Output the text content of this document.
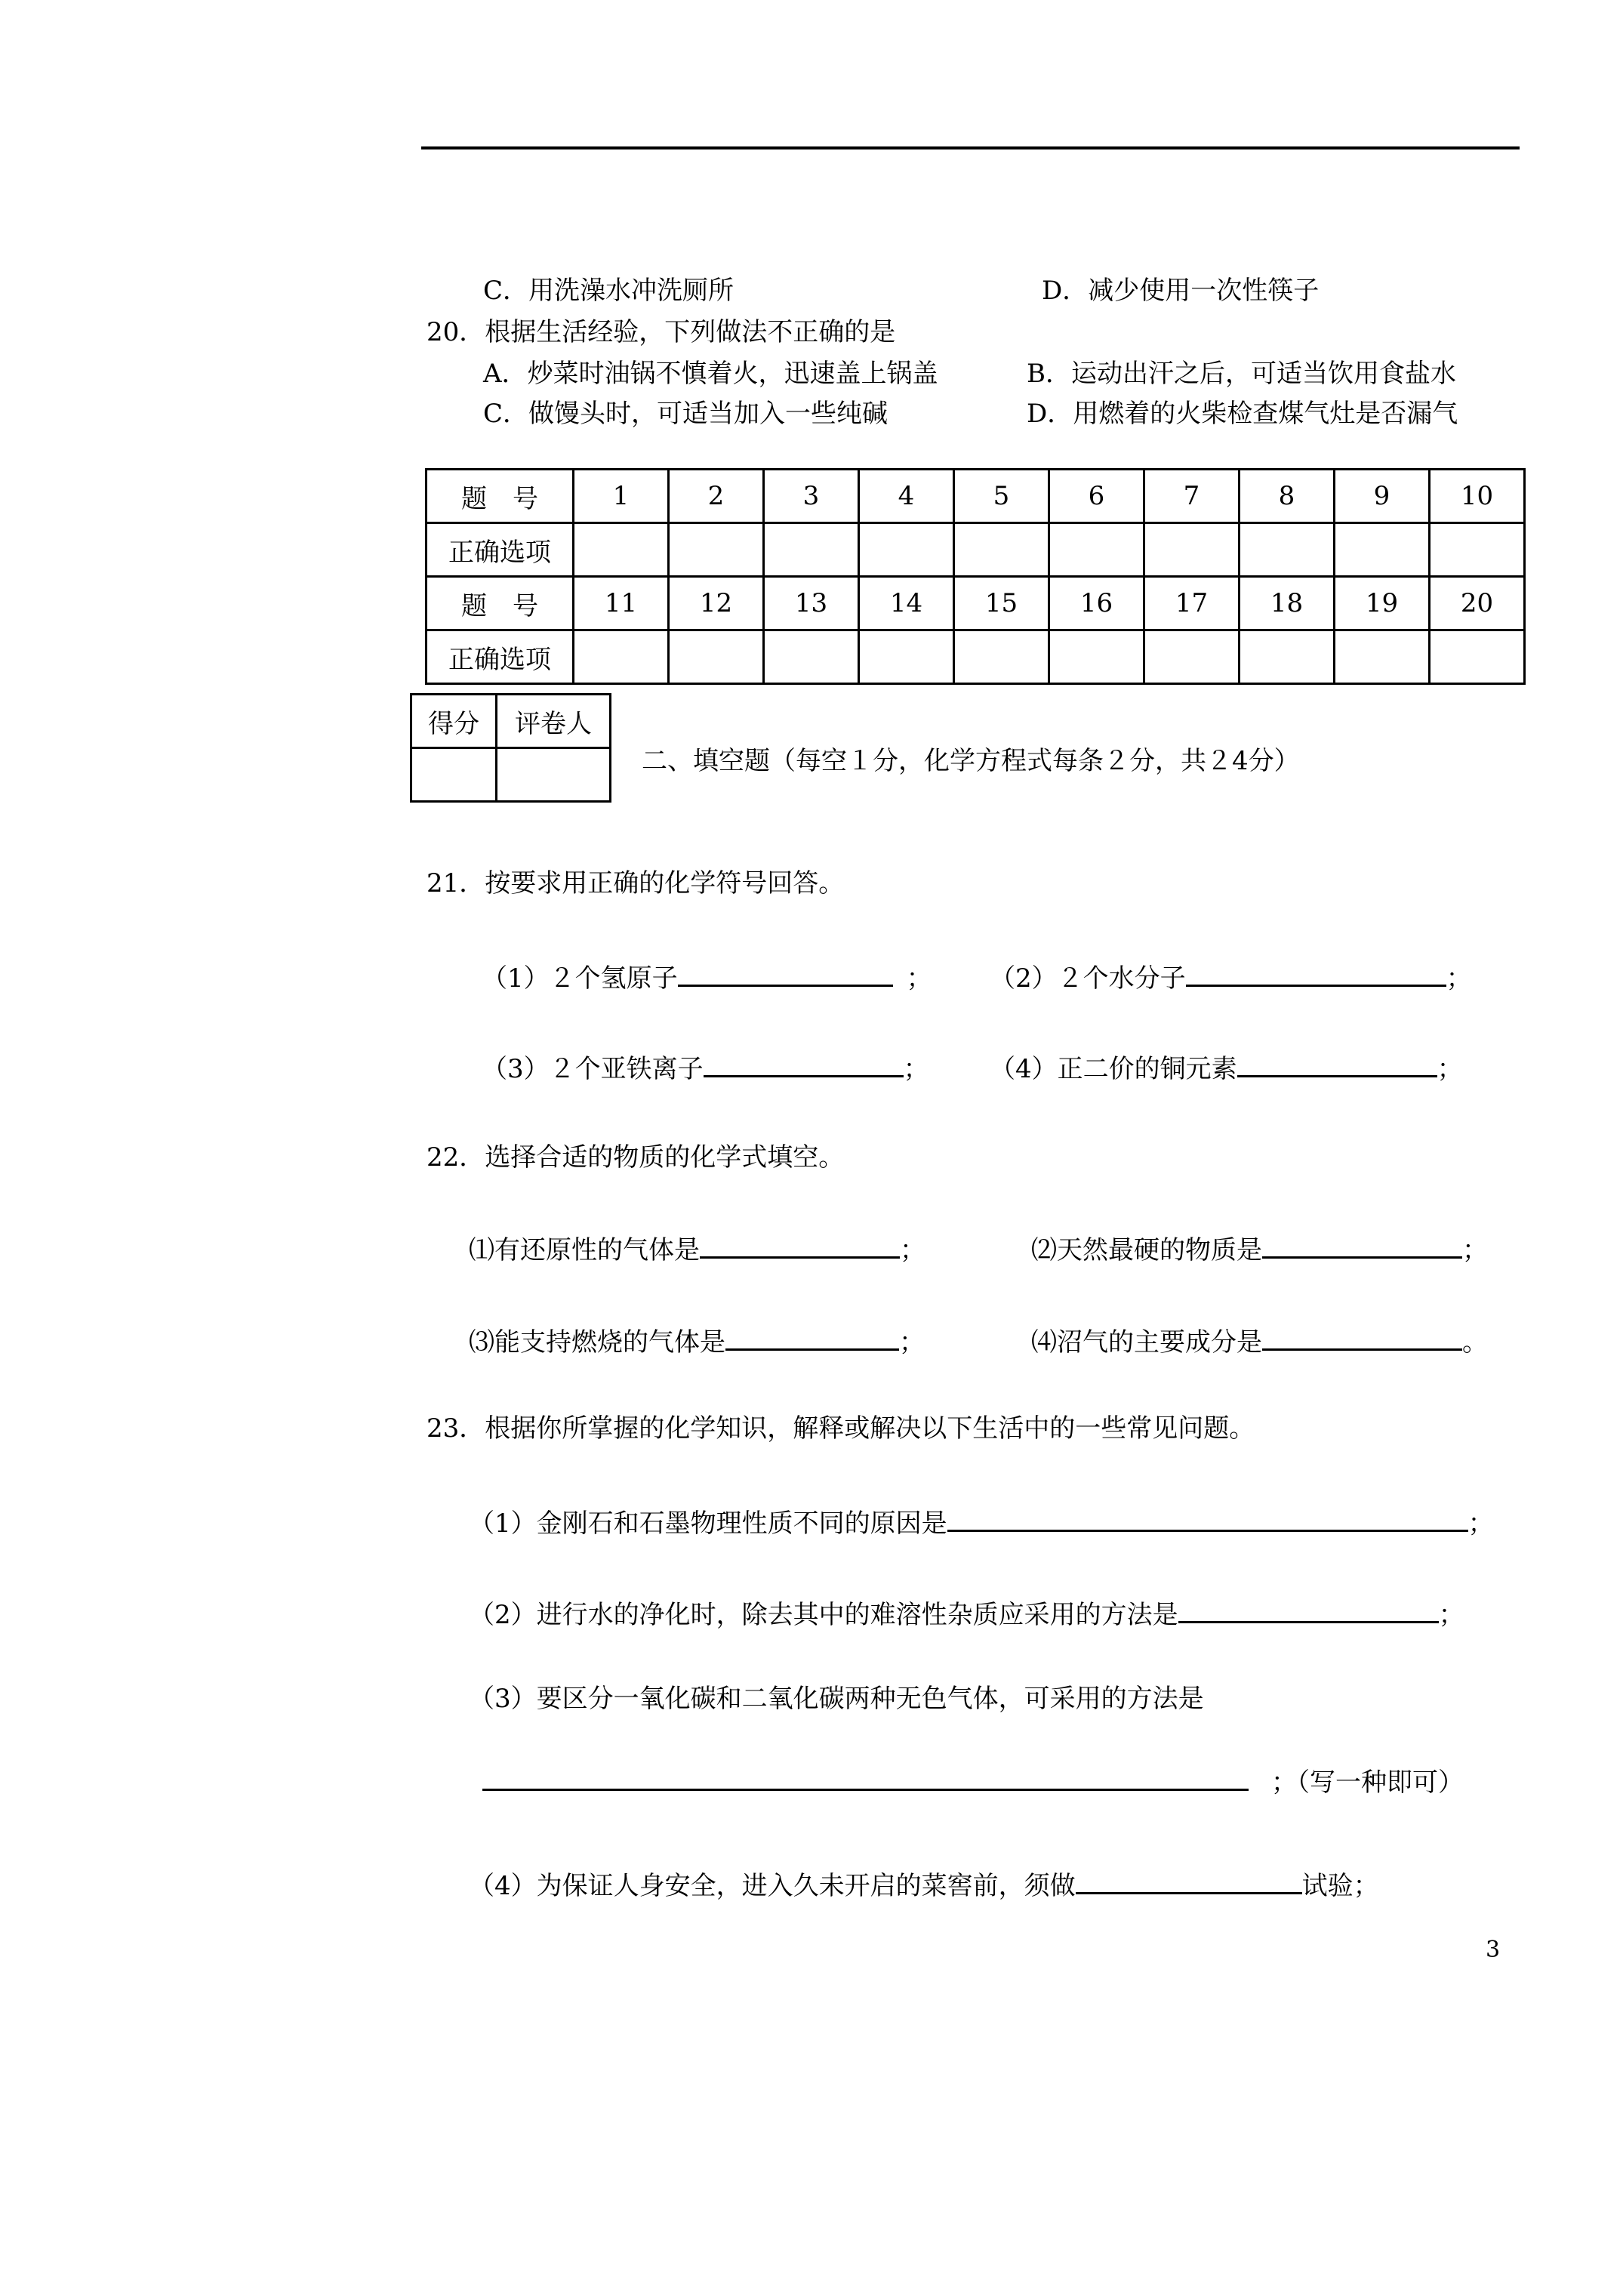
C．用洗澡水冲洗厕所	D．减少使用一次性筷子
20．根据生活经验，下列做法不正确的是
A．炒菜时油锅不慎着火，迅速盖上锅盖	B．运动出汗之后，可适当饮用食盐水
C．做馒头时，可适当加入一些纯碱	D．用燃着的火柴检查煤气灶是否漏气
题　号	1	2	3	4	5	6	7	8	9	10
正确选项										
题　号	11	12	13	14	15	16	17	18	19	20
正确选项										
得分	评卷人

二、填空题（每空１分，化学方程式每条２分，共２4分）
21．按要求用正确的化学符号回答。
（1）２个氢原子	； （2）２个水分子	；
（3）２个亚铁离子	； （4）正二价的铜元素	；
22．选择合适的物质的化学式填空。
⑴有还原性的气体是	；	⑵天然最硬的物质是	；
⑶能支持燃烧的气体是	；	⑷沼气的主要成分是	。
23．根据你所掌握的化学知识，解释或解决以下生活中的一些常见问题。
（1）金刚石和石墨物理性质不同的原因是	；
（2）进行水的净化时，除去其中的难溶性杂质应采用的方法是	；
（3）要区分一氧化碳和二氧化碳两种无色气体，可采用的方法是
；（写一种即可）
（4）为保证人身安全，进入久未开启的菜窖前，须做	试验；
3
